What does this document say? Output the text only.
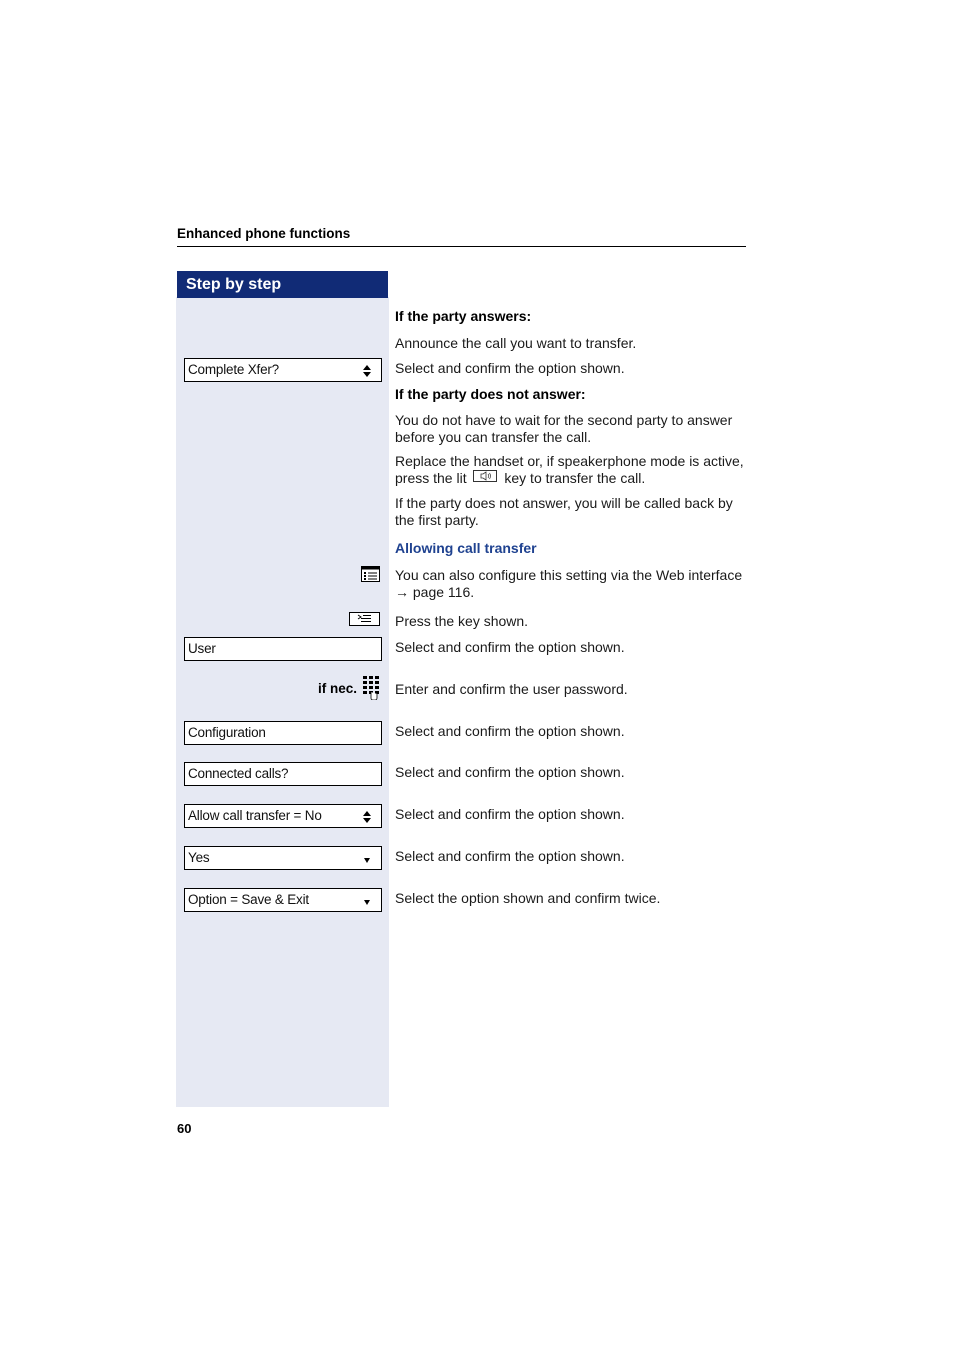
Enhanced phone functions
Step by step
Complete Xfer?
User
Configuration
Connected calls?
Allow call transfer = No
Yes
Option = Save & Exit
if nec.
If the party answers:
Announce the call you want to transfer.
Select and confirm the option shown.
If the party does not answer:
You do not have to wait for the second party to answer before you can transfer the call.
Replace the handset or, if speakerphone mode is active, press the lit	key to transfer the call.
If the party does not answer, you will be called back by the first party.
Allowing call transfer
You can also configure this setting via the Web interface
→ page 116.
Press the key shown.
Select and confirm the option shown.
Enter and confirm the user password.
Select and confirm the option shown.
Select and confirm the option shown.
Select and confirm the option shown.
Select and confirm the option shown.
Select the option shown and confirm twice.
60
